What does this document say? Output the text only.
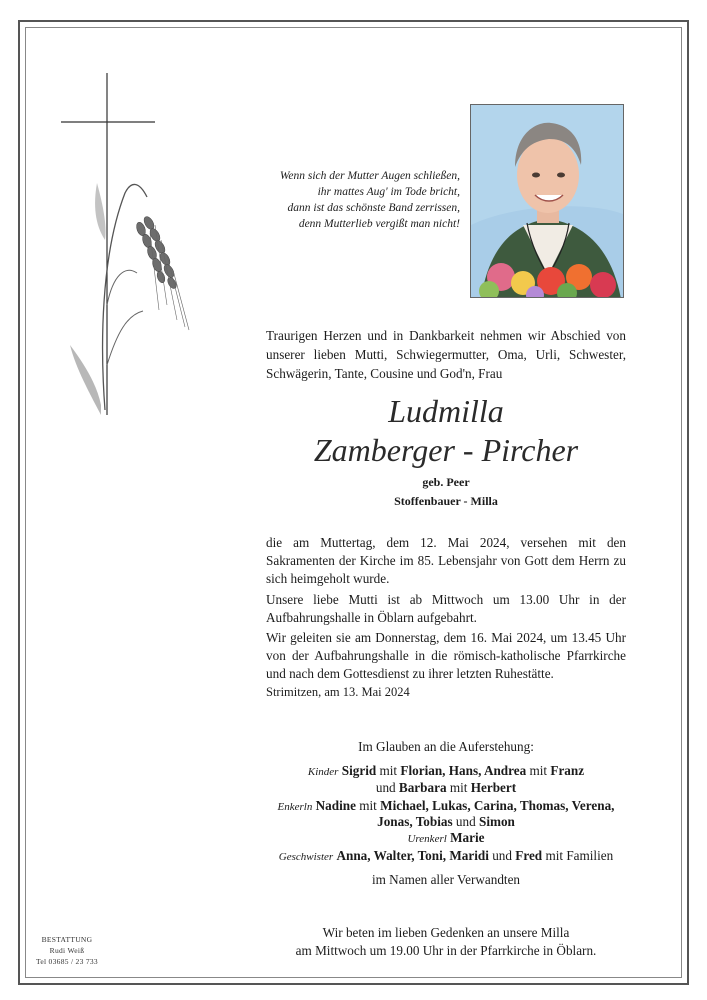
Wenn sich der Mutter Augen schließen,
ihr mattes Aug' im Tode bricht,
dann ist das schönste Band zerrissen,
denn Mutterlieb vergißt man nicht!
Traurigen Herzen und in Dankbarkeit nehmen wir Abschied von unserer lieben Mutti, Schwiegermutter, Oma, Urli, Schwester, Schwägerin, Tante, Cousine und God'n, Frau
Ludmilla
Zamberger - Pircher
geb. Peer
Stoffenbauer - Milla
die am Muttertag, dem 12. Mai 2024, versehen mit den Sakramenten der Kirche im 85. Lebensjahr von Gott dem Herrn zu sich heimgeholt wurde.
Unsere liebe Mutti ist ab Mittwoch um 13.00 Uhr in der Aufbahrungshalle in Öblarn aufgebahrt.
Wir geleiten sie am Donnerstag, dem 16. Mai 2024, um 13.45 Uhr von der Aufbahrungshalle in die römisch-katholische Pfarrkirche und nach dem Gottesdienst zu ihrer letzten Ruhestätte.
Strimitzen, am 13. Mai 2024
Im Glauben an die Auferstehung:
Kinder Sigrid mit Florian, Hans, Andrea mit Franz
und Barbara mit Herbert
Enkerln Nadine mit Michael, Lukas, Carina, Thomas, Verena,
Jonas, Tobias und Simon
Urenkerl Marie
Geschwister Anna, Walter, Toni, Maridi und Fred mit Familien
im Namen aller Verwandten
Wir beten im lieben Gedenken an unsere Milla
am Mittwoch um 19.00 Uhr in der Pfarrkirche in Öblarn.
BESTATTUNG
Rudi Weiß
Tel 03685 / 23 733
